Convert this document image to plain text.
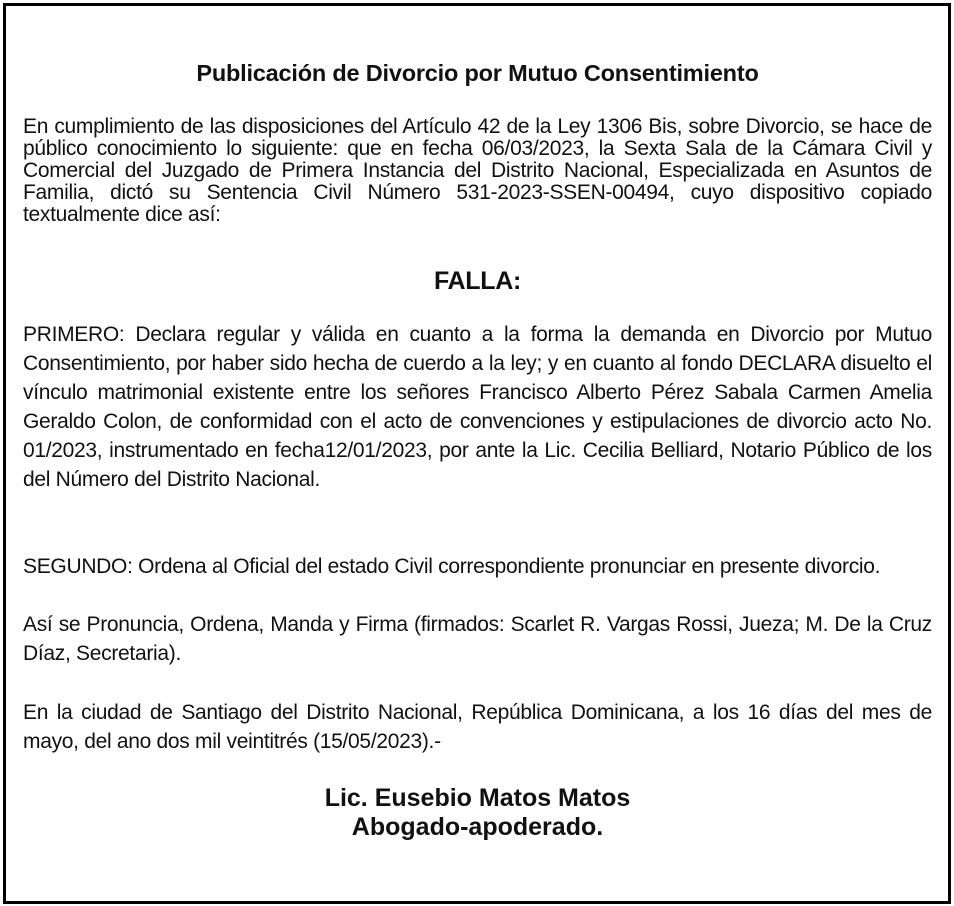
Publicación de Divorcio por Mutuo Consentimiento
En cumplimiento de las disposiciones del Artículo 42 de la Ley 1306 Bis, sobre Divorcio, se hace de público conocimiento lo siguiente: que en fecha 06/03/2023, la Sexta Sala de la Cámara Civil y Comercial del Juzgado de Primera Instancia del Distrito Nacional, Especializada en Asuntos de Familia, dictó su Sentencia Civil Número 531-2023-SSEN-00494, cuyo dispositivo copiado textualmente dice así:
FALLA:
PRIMERO: Declara regular y válida en cuanto a la forma la demanda en Divorcio por Mutuo Consentimiento, por haber sido hecha de cuerdo a la ley; y en cuanto al fondo DECLARA disuelto el vínculo matrimonial existente entre los señores Francisco Alberto Pérez Sabala Carmen Amelia Geraldo Colon, de conformidad con el acto de convenciones y estipulaciones de divorcio acto No. 01/2023, instrumentado en fecha12/01/2023, por ante la Lic. Cecilia Belliard, Notario Público de los del Número del Distrito Nacional.
SEGUNDO: Ordena al Oficial del estado Civil correspondiente pronunciar en presente divorcio.
Así se Pronuncia, Ordena, Manda y Firma (firmados: Scarlet R. Vargas Rossi, Jueza; M. De la Cruz Díaz, Secretaria).
En la ciudad de Santiago del Distrito Nacional, República Dominicana, a los 16 días del mes de mayo, del ano dos mil veintitrés (15/05/2023).-
Lic. Eusebio Matos Matos
Abogado-apoderado.
